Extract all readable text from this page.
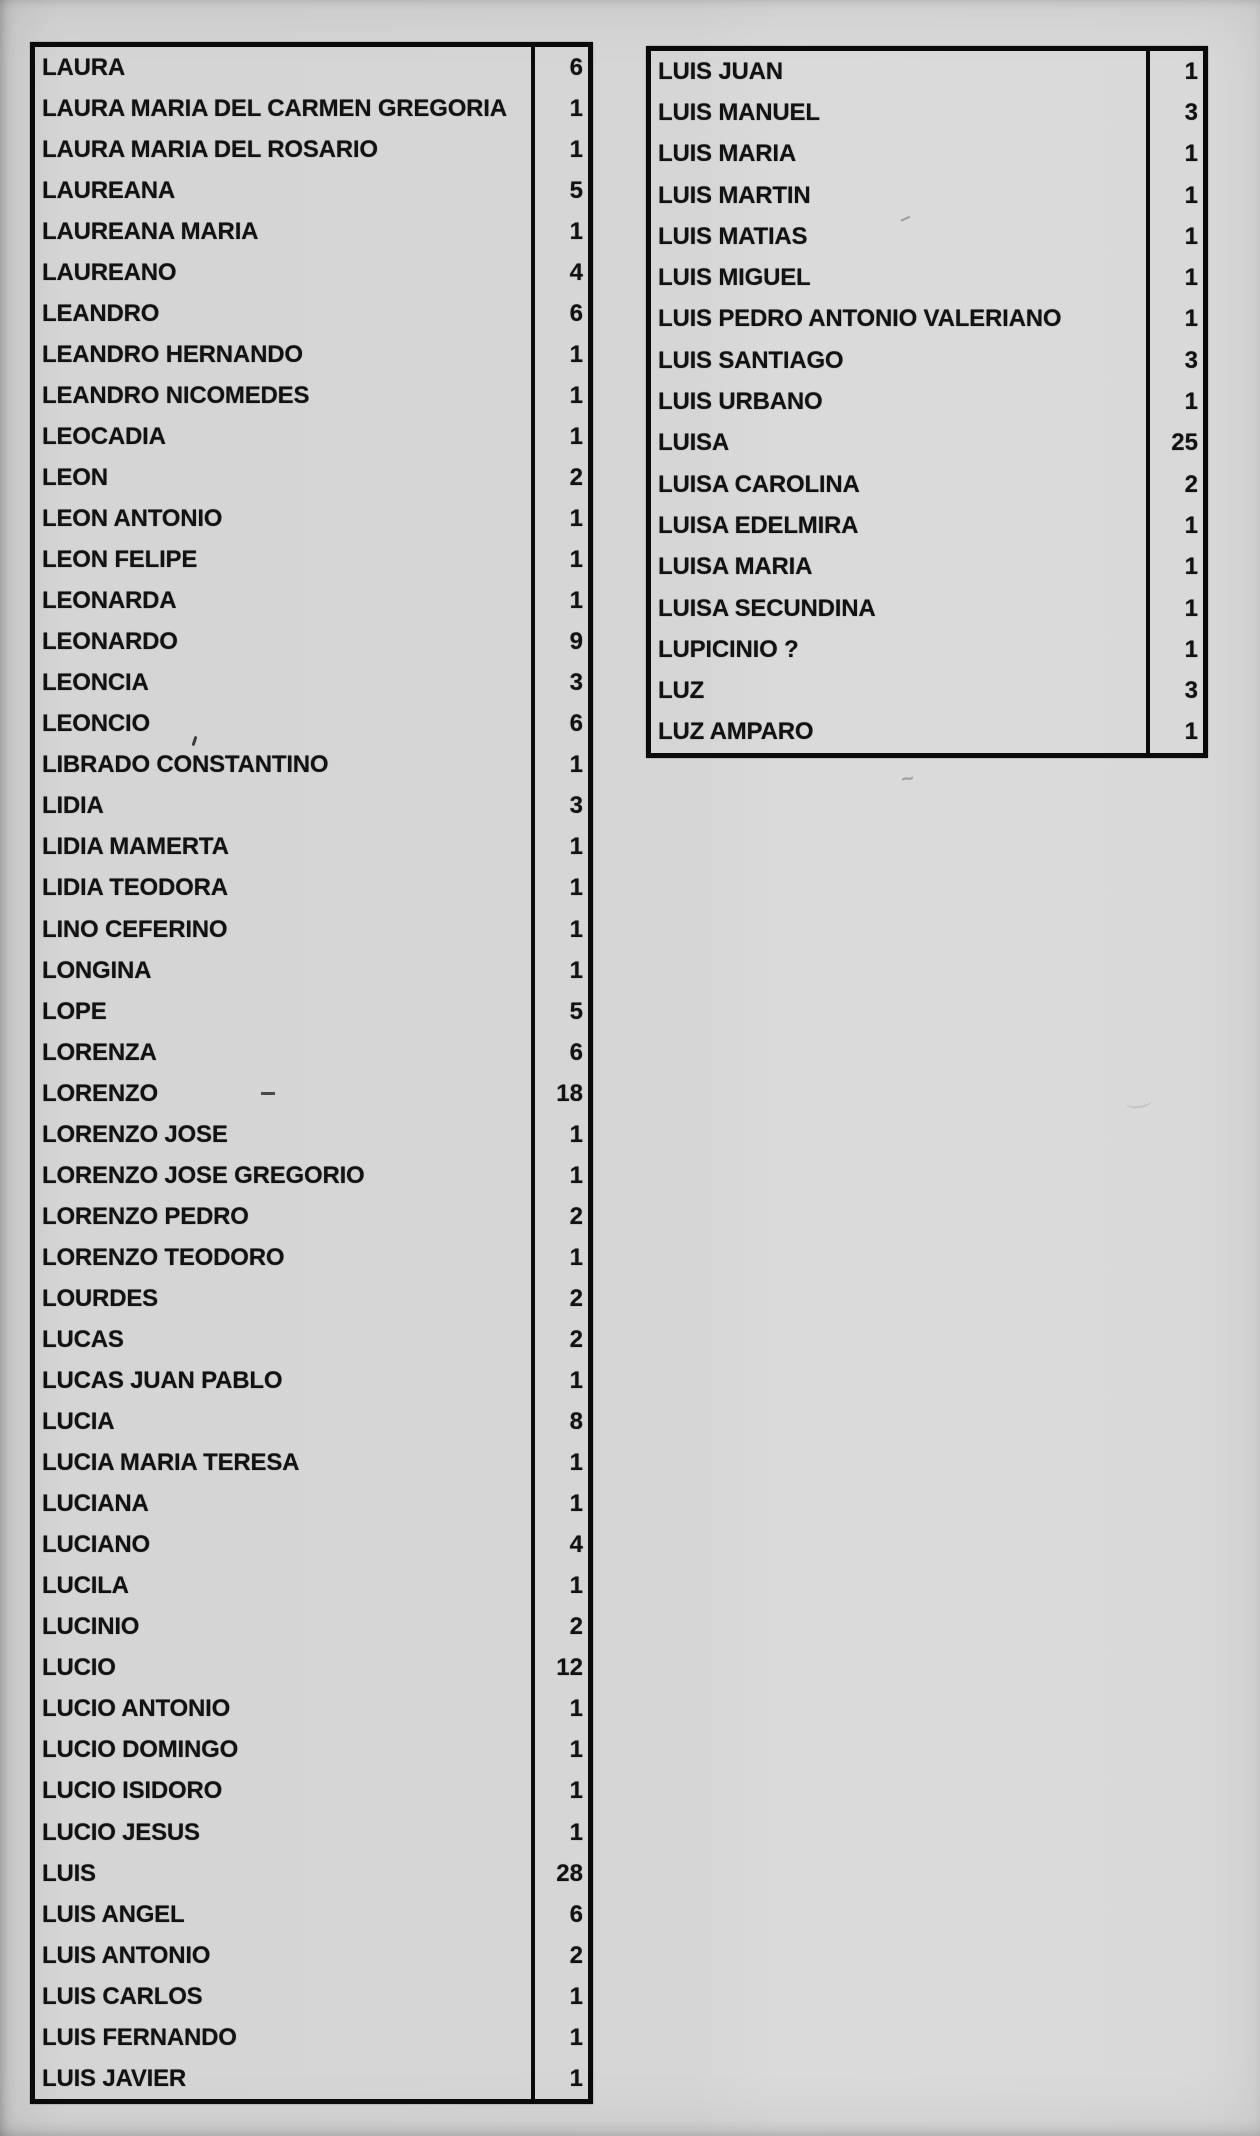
LAURA	6
LAURA MARIA DEL CARMEN GREGORIA	1
LAURA MARIA DEL ROSARIO	1
LAUREANA	5
LAUREANA MARIA	1
LAUREANO	4
LEANDRO	6
LEANDRO HERNANDO	1
LEANDRO NICOMEDES	1
LEOCADIA	1
LEON	2
LEON ANTONIO	1
LEON FELIPE	1
LEONARDA	1
LEONARDO	9
LEONCIA	3
LEONCIO	6
LIBRADO CONSTANTINO	1
LIDIA	3
LIDIA MAMERTA	1
LIDIA TEODORA	1
LINO CEFERINO	1
LONGINA	1
LOPE	5
LORENZA	6
LORENZO	18
LORENZO JOSE	1
LORENZO JOSE GREGORIO	1
LORENZO PEDRO	2
LORENZO TEODORO	1
LOURDES	2
LUCAS	2
LUCAS JUAN PABLO	1
LUCIA	8
LUCIA MARIA TERESA	1
LUCIANA	1
LUCIANO	4
LUCILA	1
LUCINIO	2
LUCIO	12
LUCIO ANTONIO	1
LUCIO DOMINGO	1
LUCIO ISIDORO	1
LUCIO JESUS	1
LUIS	28
LUIS ANGEL	6
LUIS ANTONIO	2
LUIS CARLOS	1
LUIS FERNANDO	1
LUIS JAVIER	1
LUIS JUAN	1
LUIS MANUEL	3
LUIS MARIA	1
LUIS MARTIN	1
LUIS MATIAS	1
LUIS MIGUEL	1
LUIS PEDRO ANTONIO VALERIANO	1
LUIS SANTIAGO	3
LUIS URBANO	1
LUISA	25
LUISA CAROLINA	2
LUISA EDELMIRA	1
LUISA MARIA	1
LUISA SECUNDINA	1
LUPICINIO ?	1
LUZ	3
LUZ AMPARO	1
~
